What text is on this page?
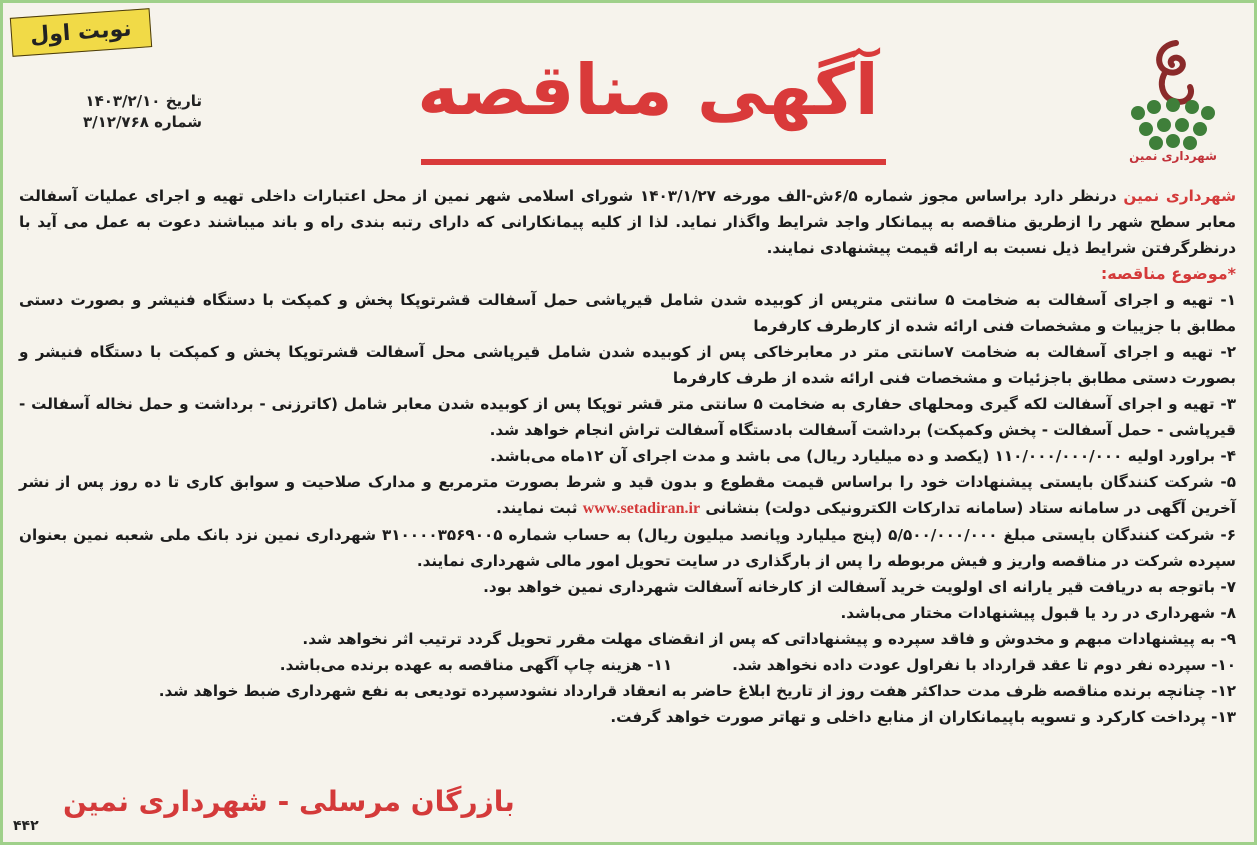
نوبت اول
تاریخ ۱۴۰۳/۲/۱۰
شماره ۳/۱۲/۷۶۸	آگهی مناقصه
شهرداری نمین

شهرداری نمین درنظر دارد براساس مجوز شماره ۶/۵ش-الف مورخه ۱۴۰۳/۱/۲۷ شورای اسلامی شهر نمین از محل اعتبارات داخلی تهیه و اجرای عملیات آسفالت معابر سطح شهر را ازطریق مناقصه به پیمانکار واجد شرایط واگذار نماید. لذا از کلیه پیمانکارانی که دارای رتبه بندی راه و باند میباشند دعوت به عمل می آید با درنظرگرفتن شرایط ذیل نسبت به ارائه قیمت پیشنهادی نمایند.

*موضوع مناقصه:

۱- تهیه و اجرای آسفالت به ضخامت ۵ سانتی مترپس از کوبیده شدن شامل قیرپاشی حمل آسفالت قشرتوپکا پخش و کمپکت با دستگاه فنیشر و بصورت دستی مطابق با جزییات و مشخصات فنی ارائه شده از کارطرف کارفرما

۲- تهیه و اجرای آسفالت به ضخامت ۷سانتی متر در معابرخاکی پس از کوبیده شدن شامل قیرپاشی محل آسفالت قشرتوپکا پخش و کمپکت با دستگاه فنیشر و بصورت دستی مطابق باجزئیات و مشخصات فنی ارائه شده از طرف کارفرما

۳- تهیه و اجرای آسفالت لکه گیری ومحلهای حفاری به ضخامت ۵ سانتی متر قشر توپکا پس از کوبیده شدن معابر شامل (کاترزنی - برداشت و حمل نخاله آسفالت - قیرپاشی - حمل آسفالت - پخش وکمپکت) برداشت آسفالت بادستگاه آسفالت تراش انجام خواهد شد.

۴- براورد اولیه ۱۱۰/۰۰۰/۰۰۰/۰۰۰ (یکصد و ده میلیارد ریال) می باشد و مدت اجرای آن ۱۲ماه می‌باشد.

۵- شرکت کنندگان بایستی پیشنهادات خود را براساس قیمت مقطوع و بدون قید و شرط بصورت مترمربع و مدارک صلاحیت و سوابق کاری تا ده روز پس از نشر آخرین آگهی در سامانه ستاد (سامانه تدارکات الکترونیکی دولت) بنشانی www.setadiran.ir ثبت نمایند.

۶- شرکت کنندگان بایستی مبلغ ۵/۵۰۰/۰۰۰/۰۰۰ (پنج میلیارد وپانصد میلیون ریال) به حساب شماره ۳۱۰۰۰۰۳۵۶۹۰۰۵ شهرداری نمین نزد بانک ملی شعبه نمین بعنوان سپرده شرکت در مناقصه واریز و فیش مربوطه را پس از بارگذاری در سایت تحویل امور مالی شهرداری نمایند.

۷- باتوجه به دریافت قیر یارانه ای اولویت خرید آسفالت از کارخانه آسفالت شهرداری نمین خواهد بود.

۸- شهرداری در رد یا قبول پیشنهادات مختار می‌باشد.

۹- به پیشنهادات مبهم و مخدوش و فاقد سپرده و پیشنهاداتی که پس از انقضای مهلت مقرر تحویل گردد ترتیب اثر نخواهد شد.

۱۰- سپرده نفر دوم تا عقد قرارداد با نفراول عودت داده نخواهد شد.
۱۱- هزینه چاپ آگهی مناقصه به عهده برنده می‌باشد.

۱۲- چنانچه برنده مناقصه ظرف مدت حداکثر هفت روز از تاریخ ابلاغ حاضر به انعقاد قرارداد نشودسپرده تودیعی به نفع شهرداری ضبط خواهد شد.

۱۳- پرداخت کارکرد و تسویه باپیمانکاران از منابع داخلی و تهاتر صورت خواهد گرفت.

بازرگان مرسلی - شهرداری نمین
۴۴۲
